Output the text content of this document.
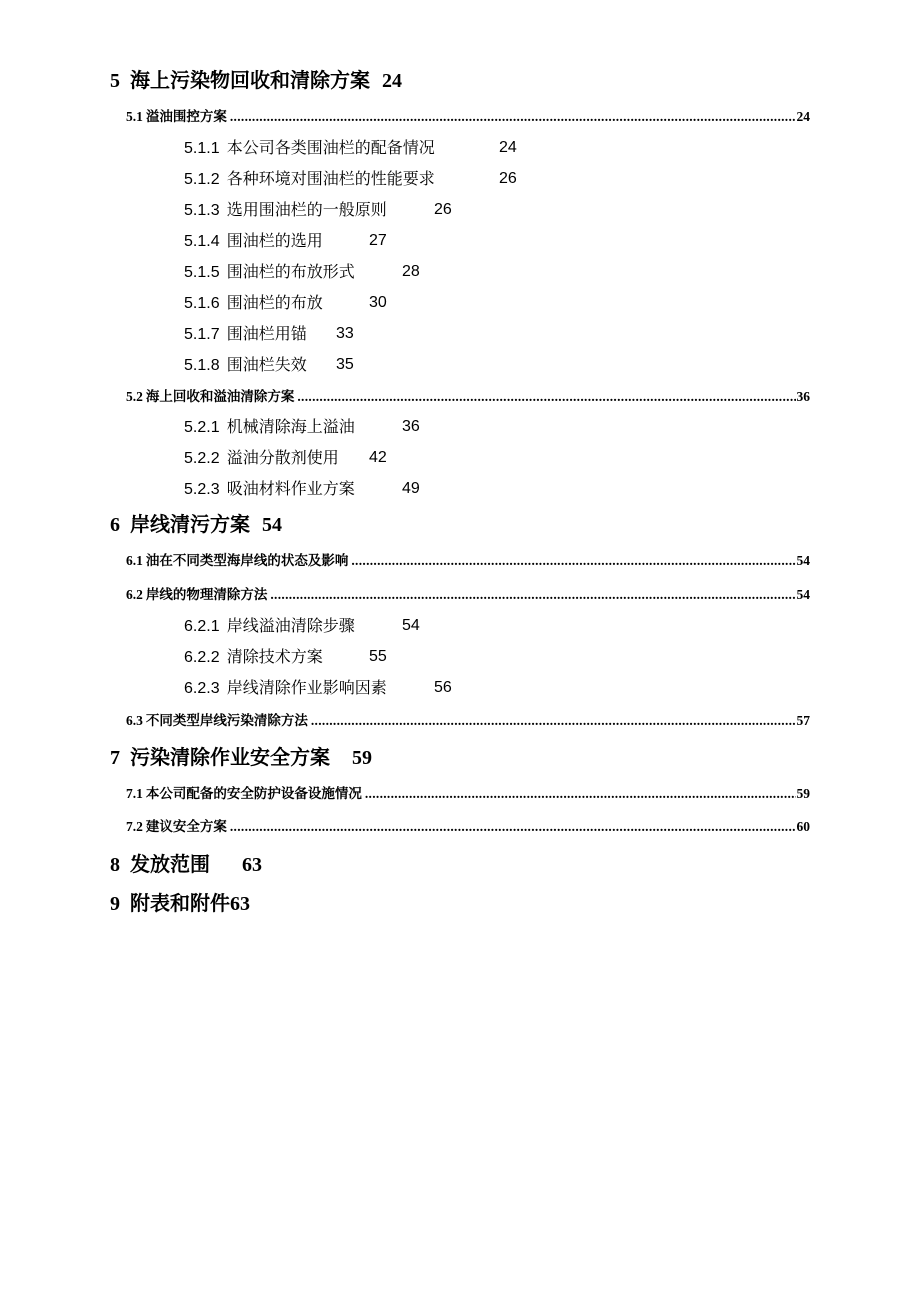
5 海上污染物回收和清除方案 24
5.1 溢油围控方案 .....	24
5.1.1 本公司各类围油栏的配备情况	24
5.1.2 各种环境对围油栏的性能要求	26
5.1.3 选用围油栏的一般原则	26
5.1.4 围油栏的选用	27
5.1.5 围油栏的布放形式	28
5.1.6 围油栏的布放	30
5.1.7 围油栏用锚 33
5.1.8 围油栏失效 35
5.2 海上回收和溢油清除方案 .....	36
5.2.1 机械清除海上溢油	36
5.2.2 溢油分散剂使用 42
5.2.3 吸油材料作业方案	49
6 岸线清污方案 54
6.1 油在不同类型海岸线的状态及影响 .....	54
6.2 岸线的物理清除方法 .....	54
6.2.1 岸线溢油清除步骤	54
6.2.2 清除技术方案	55
6.2.3 岸线清除作业影响因素	56
6.3 不同类型岸线污染清除方法 .....	57
7 污染清除作业安全方案 59
7.1 本公司配备的安全防护设备设施情况 .....	59
7.2 建议安全方案 .....	60
8 发放范围 63
9 附表和附件63
